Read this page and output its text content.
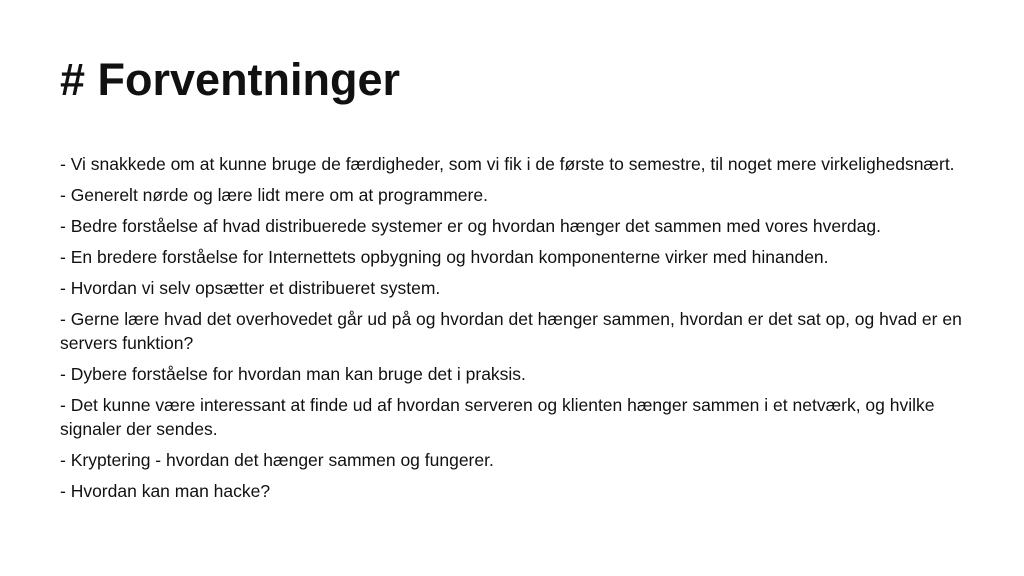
# Forventninger
- Vi snakkede om at kunne bruge de færdigheder, som vi fik i de første to semestre, til noget mere virkelighedsnært.
- Generelt nørde og lære lidt mere om at programmere.
- Bedre forståelse af hvad distribuerede systemer er og hvordan hænger det sammen med vores hverdag.
- En bredere forståelse for Internettets opbygning og hvordan komponenterne virker med hinanden.
- Hvordan vi selv opsætter et distribueret system.
- Gerne lære hvad det overhovedet går ud på og hvordan det hænger sammen, hvordan er det sat op, og hvad er en servers funktion?
- Dybere forståelse for hvordan man kan bruge det i praksis.
- Det kunne være interessant at finde ud af hvordan serveren og klienten hænger sammen i et netværk, og hvilke signaler der sendes.
- Kryptering - hvordan det hænger sammen og fungerer.
- Hvordan kan man hacke?
